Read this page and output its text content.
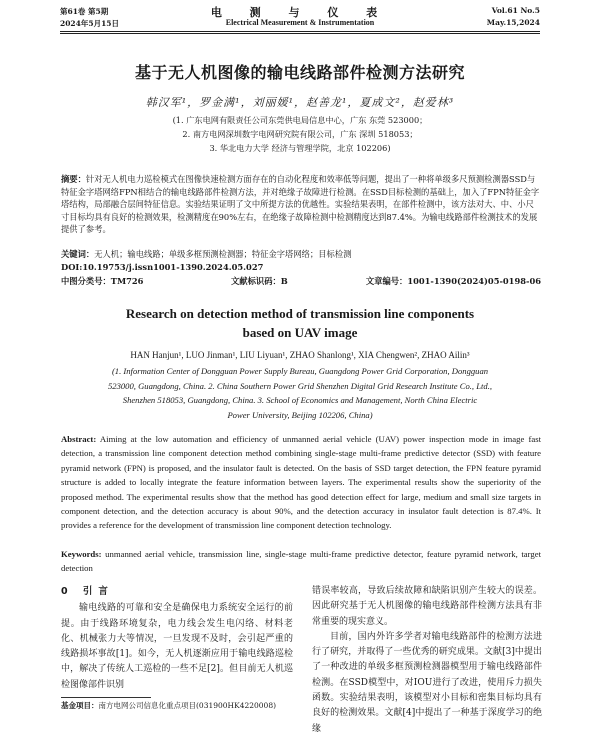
第61卷 第5期	电 测 与 仪 表	Vol.61 No.5
2024年5月15日	Electrical Measurement & Instrumentation	May.15,2024
基于无人机图像的输电线路部件检测方法研究
韩汉军¹，罗金满¹，刘丽媛¹，赵善龙¹，夏成文²，赵爱林³
(1. 广东电网有限责任公司东莞供电局信息中心，广东 东莞 523000；
2. 南方电网深圳数字电网研究院有限公司，广东 深圳 518053；
3. 华北电力大学 经济与管理学院，北京 102206)
摘要：针对无人机电力巡检模式在图像快速检测方面存在的自动化程度和效率低等问题，提出了一种将单级多尺预测检测器SSD与特征金字塔网络FPN相结合的输电线路部件检测方法，并对绝缘子故障进行检测。在SSD目标检测的基础上，加入了FPN特征金字塔结构，局部融合层间特征信息。实验结果证明了文中所提方法的优越性。实验结果表明，在部件检测中，该方法对大、中、小尺寸目标均具有良好的检测效果，检测精度在90%左右，在绝缘子故障检测中检测精度达到87.4%。为输电线路部件检测技术的发展提供了参考。
关键词：无人机；输电线路；单级多框预测检测器；特征金字塔网络；目标检测
DOI:10.19753/j.issn1001-1390.2024.05.027
中图分类号：TM726	文献标识码：B	文章编号：1001-1390(2024)05-0198-06
Research on detection method of transmission line components
based on UAV image
HAN Hanjun¹, LUO Jinman¹, LIU Liyuan¹, ZHAO Shanlong¹, XIA Chengwen², ZHAO Ailin³
(1. Information Center of Dongguan Power Supply Bureau, Guangdong Power Grid Corporation, Dongguan
523000, Guangdong, China. 2. China Southern Power Grid Shenzhen Digital Grid Research Institute Co., Ltd.,
Shenzhen 518053, Guangdong, China. 3. School of Economics and Management, North China Electric
Power University, Beijing 102206, China)
Abstract: Aiming at the low automation and efficiency of unmanned aerial vehicle (UAV) power inspection mode in image fast detection, a transmission line component detection method combining single-stage multi-frame predictive detector (SSD) with feature pyramid network (FPN) is proposed, and the insulator fault is detected. On the basis of SSD target detection, the FPN feature pyramid structure is added to locally integrate the feature information between layers. The experimental results show the superiority of the proposed method. The experimental results show that the method has good detection effect for large, medium and small size targets in component detection, and the detection accuracy is about 90%, and the detection accuracy in insulator fault detection is 87.4%. It provides a reference for the development of transmission line component detection technology.
Keywords: unmanned aerial vehicle, transmission line, single-stage multi-frame predictive detector, feature pyramid network, target detection
0 引言

输电线路的可靠和安全是确保电力系统安全运行的前提。由于线路环境复杂，电力线会发生电闪络、材料老化、机械张力大等情况，一旦发现不及时，会引起严重的线路损坏事故[1]。如今，无人机逐渐应用于输电线路巡检中，解决了传统人工巡检的一些不足[2]。但目前无人机巡检图像部件识别

错误率较高，导致后续故障和缺陷识别产生较大的误差。因此研究基于无人机图像的输电线路部件检测方法具有非常重要的现实意义。

目前，国内外许多学者对输电线路部件的检测方法进行了研究，并取得了一些优秀的研究成果。文献[3]中提出了一种改进的单级多框预测检测器模型用于输电线路部件检测。在SSD模型中，对IOU进行了改进，使用斥力损失函数。实验结果表明，该模型对小目标和密集目标均具有良好的检测效果。文献[4]中提出了一种基于深度学习的绝缘

基金项目：南方电网公司信息化重点项目(031900HK4220008)
